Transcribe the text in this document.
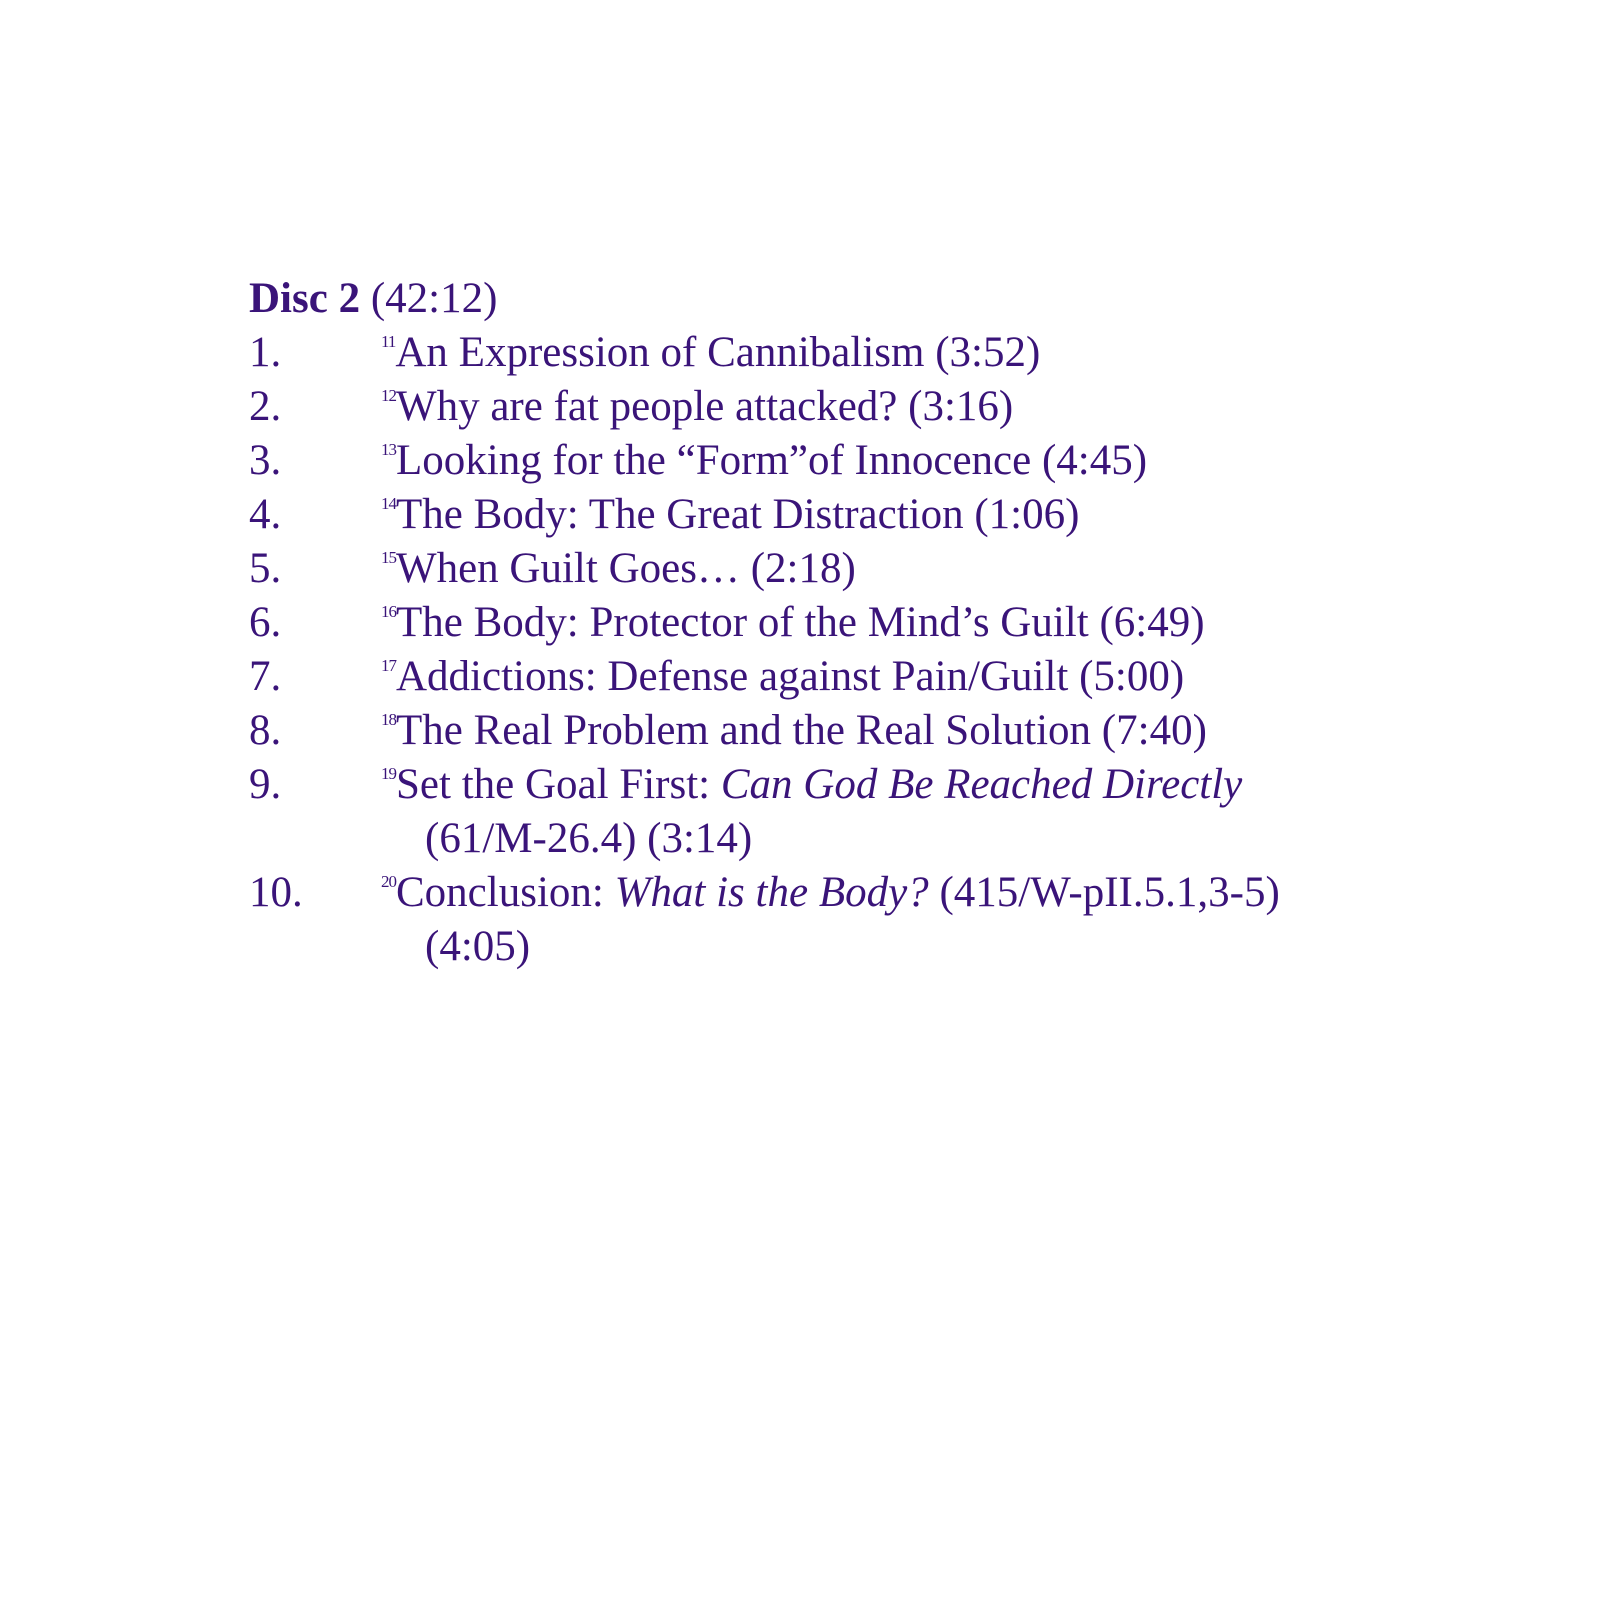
Disc 2 (42:12)
1.	$^{11}$An Expression of Cannibalism (3:52)
2.	$^{12}$Why are fat people attacked? (3:16)
3.	$^{13}$Looking for the “Form”of Innocence (4:45)
4.	$^{14}$The Body: The Great Distraction (1:06)
5.	$^{15}$When Guilt Goes… (2:18)
6.	$^{16}$The Body: Protector of the Mind’s Guilt (6:49)
7.	$^{17}$Addictions: Defense against Pain/Guilt (5:00)
8.	$^{18}$The Real Problem and the Real Solution (7:40)
9.	$^{19}$Set the Goal First: Can God Be Reached Directly
(61/M-26.4) (3:14)
10.	$^{20}$Conclusion: What is the Body? (415/W-pII.5.1,3-5)
(4:05)
